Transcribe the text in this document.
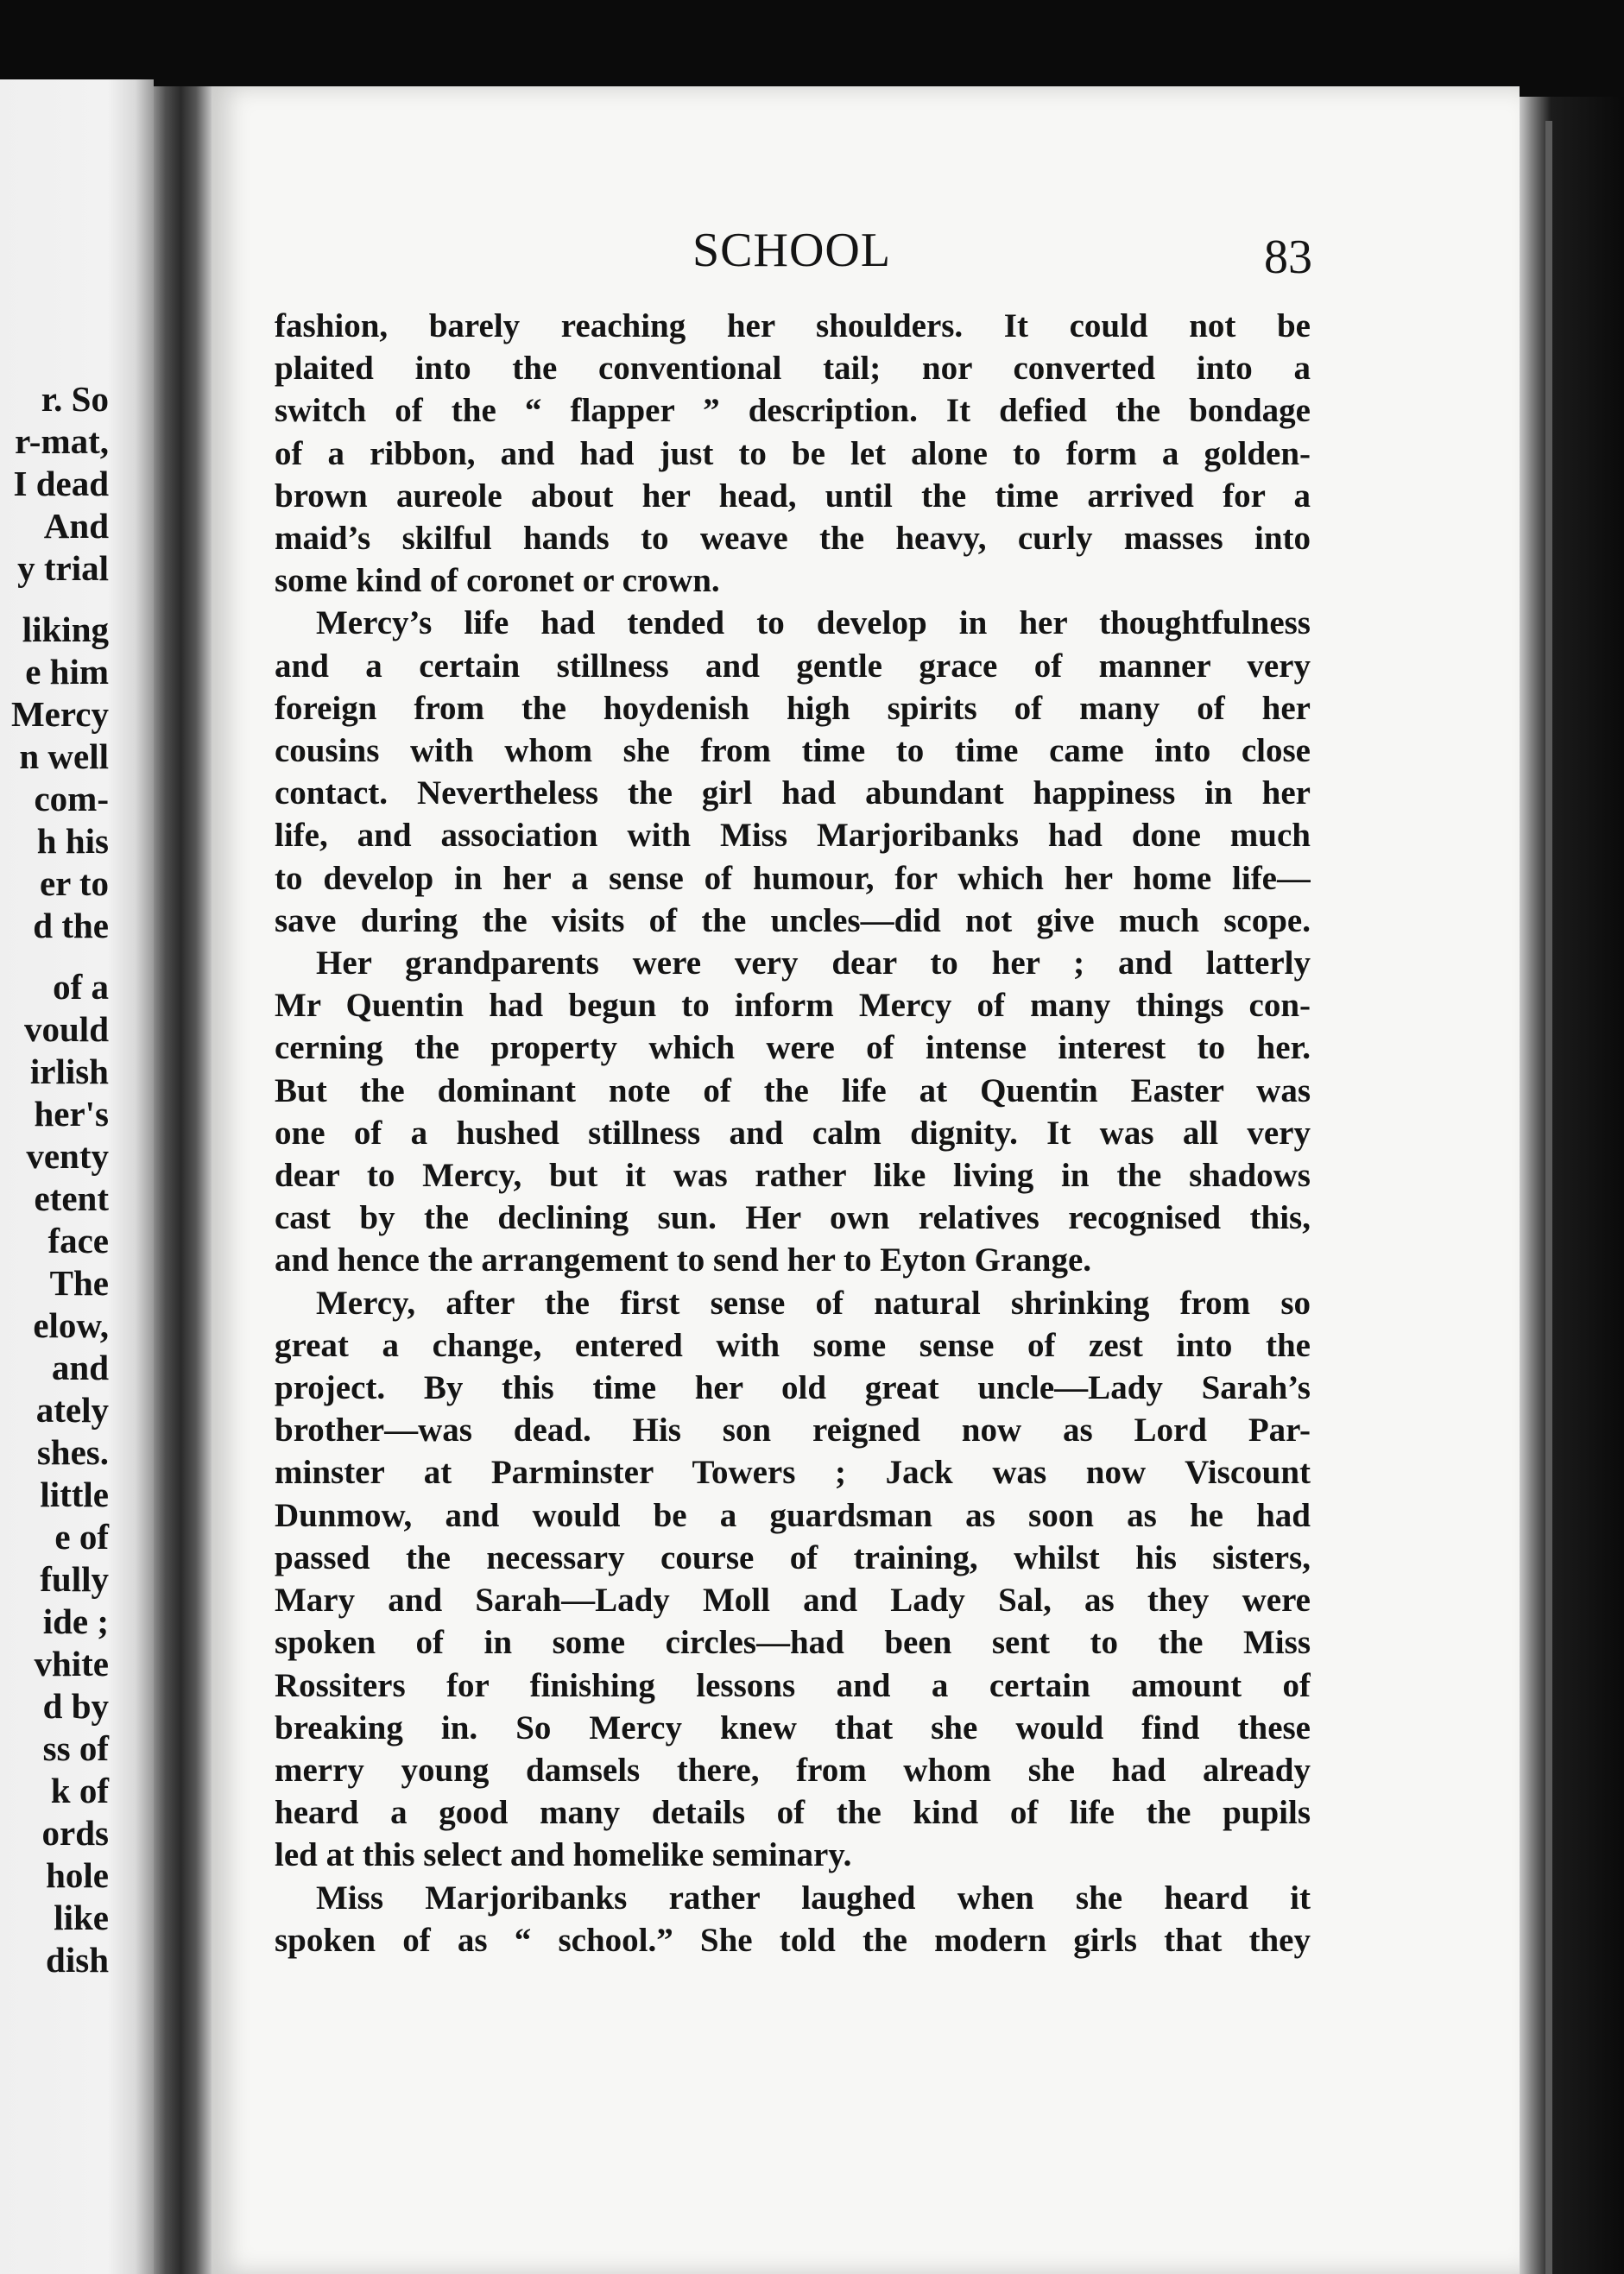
r. So
r-mat,
I dead
And
y trial
liking
e him
Mercy
n well
com-
h his
er to
d the
of a
vould
irlish
her's
venty
etent
face
The
elow,
and
ately
shes.
little
e of
fully
ide ;
vhite
d by
ss of
k of
ords
hole
like
dish
SCHOOL	83
fashion, barely reaching her shoulders. It could not be
plaited into the conventional tail; nor converted into a
switch of the “ flapper ” description. It defied the bondage
of a ribbon, and had just to be let alone to form a golden-
brown aureole about her head, until the time arrived for a
maid’s skilful hands to weave the heavy, curly masses into
some kind of coronet or crown.
Mercy’s life had tended to develop in her thoughtfulness
and a certain stillness and gentle grace of manner very
foreign from the hoydenish high spirits of many of her
cousins with whom she from time to time came into close
contact. Nevertheless the girl had abundant happiness in her
life, and association with Miss Marjoribanks had done much
to develop in her a sense of humour, for which her home life—
save during the visits of the uncles—did not give much scope.
Her grandparents were very dear to her ; and latterly
Mr Quentin had begun to inform Mercy of many things con-
cerning the property which were of intense interest to her.
But the dominant note of the life at Quentin Easter was
one of a hushed stillness and calm dignity. It was all very
dear to Mercy, but it was rather like living in the shadows
cast by the declining sun. Her own relatives recognised this,
and hence the arrangement to send her to Eyton Grange.
Mercy, after the first sense of natural shrinking from so
great a change, entered with some sense of zest into the
project. By this time her old great uncle—Lady Sarah’s
brother—was dead. His son reigned now as Lord Par-
minster at Parminster Towers ; Jack was now Viscount
Dunmow, and would be a guardsman as soon as he had
passed the necessary course of training, whilst his sisters,
Mary and Sarah—Lady Moll and Lady Sal, as they were
spoken of in some circles—had been sent to the Miss
Rossiters for finishing lessons and a certain amount of
breaking in. So Mercy knew that she would find these
merry young damsels there, from whom she had already
heard a good many details of the kind of life the pupils
led at this select and homelike seminary.
Miss Marjoribanks rather laughed when she heard it
spoken of as “ school.” She told the modern girls that they
